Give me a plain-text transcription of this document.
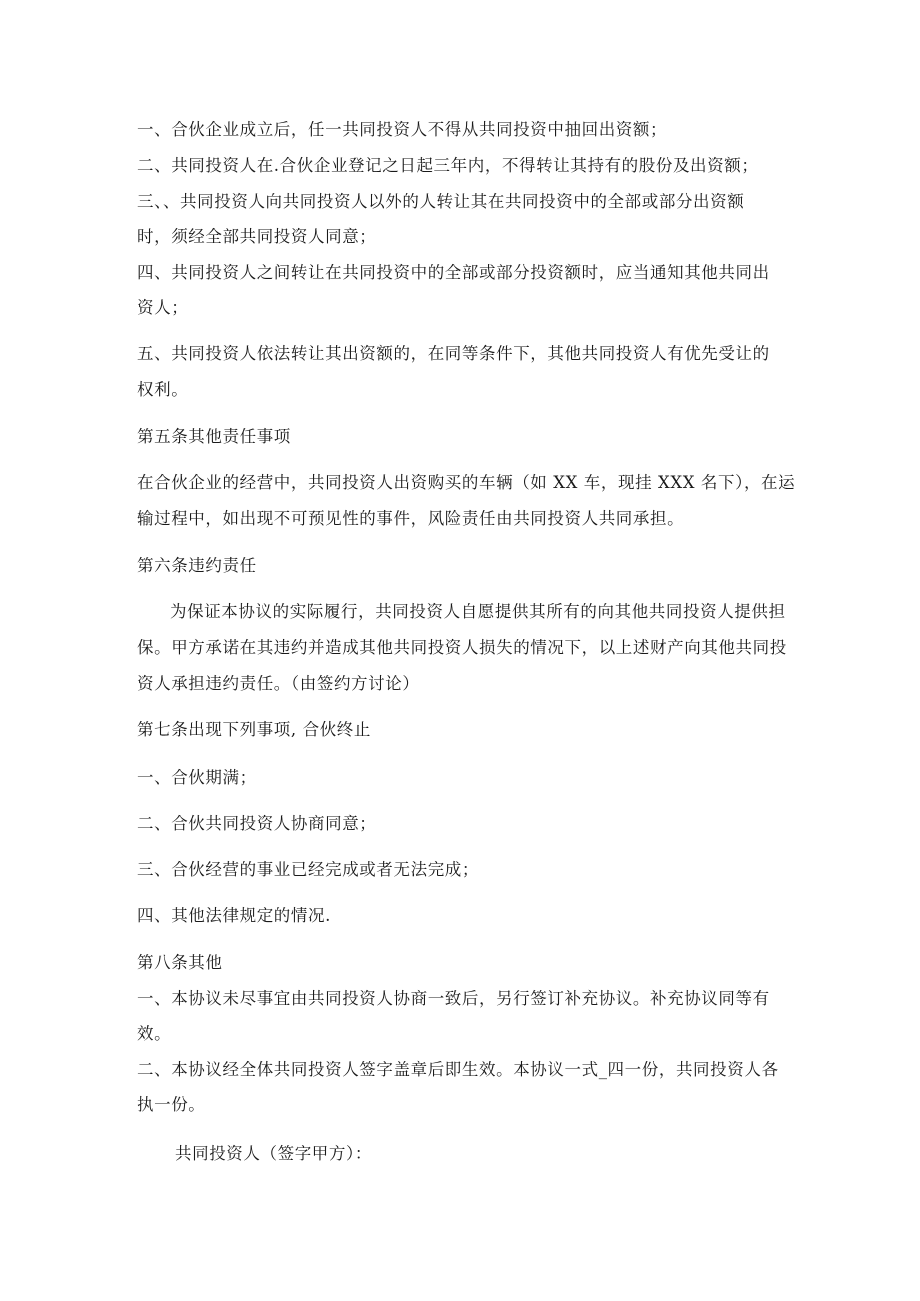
一、合伙企业成立后，任一共同投资人不得从共同投资中抽回出资额；
二、共同投资人在.合伙企业登记之日起三年内，不得转让其持有的股份及出资额；
三、、共同投资人向共同投资人以外的人转让其在共同投资中的全部或部分出资额
时，须经全部共同投资人同意；
四、共同投资人之间转让在共同投资中的全部或部分投资额时，应当通知其他共同出
资人；
五、共同投资人依法转让其出资额的，在同等条件下，其他共同投资人有优先受让的
权利。
第五条其他责任事项
在合伙企业的经营中，共同投资人出资购买的车辆（如 XX 车，现挂 XXX 名下），在运
输过程中，如出现不可预见性的事件，风险责任由共同投资人共同承担。
第六条违约责任
为保证本协议的实际履行，共同投资人自愿提供其所有的向其他共同投资人提供担
保。甲方承诺在其违约并造成其他共同投资人损失的情况下，以上述财产向其他共同投
资人承担违约责任。（由签约方讨论）
第七条出现下列事项, 合伙终止
一、合伙期满；
二、合伙共同投资人协商同意；
三、合伙经营的事业已经完成或者无法完成；
四、其他法律规定的情况.
第八条其他
一、本协议未尽事宜由共同投资人协商一致后，另行签订补充协议。补充协议同等有
效。
二、本协议经全体共同投资人签字盖章后即生效。本协议一式_四一份，共同投资人各
执一份。
共同投资人（签字甲方）：
